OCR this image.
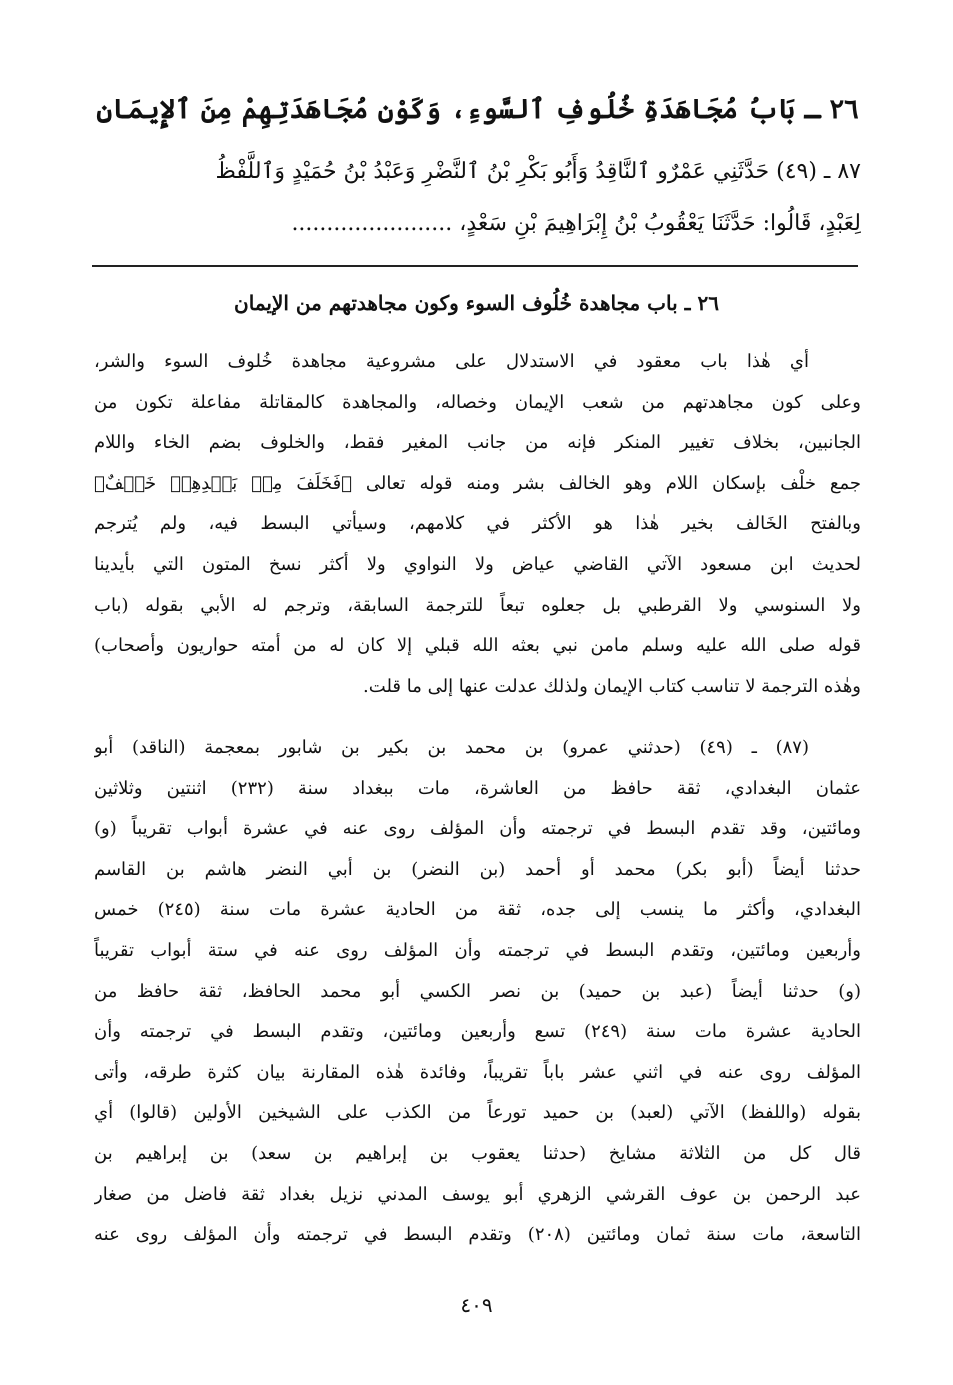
٢٦ ـ بَابُ مُجَاهَدَةِ خُلُوفِ ٱلسَّوءِ، وَكَوْنِ مُجَاهَدَتِهِمْ مِنَ ٱلإِيمَانِ
٨٧ ـ (٤٩) حَدَّثَنِي عَمْرٌو ٱلنَّاقِدُ وَأَبُو بَكْرِ بْنُ ٱلنَّضْرِ وَعَبْدُ بْنُ حُمَيْدٍ وَٱللَّفْظُ
لِعَبْدٍ، قَالُوا: حَدَّثَنَا يَعْقُوبُ بْنُ إِبْرَاهِيمَ بْنِ سَعْدٍ، .......................
٢٦ ـ باب مجاهدة خُلُوف السوء وكون مجاهدتهم من الإيمان
أي هٰذا باب معقود في الاستدلال على مشروعية مجاهدة خُلوف السوء والشر،
وعلى كون مجاهدتهم من شعب الإيمان وخصاله، والمجاهدة كالمقاتلة مفاعلة تكون من
الجانبين، بخلاف تغيير المنكر فإنه من جانب المغير فقط، والخلوف بضم الخاء واللام
جمع خلْف بإسكان اللام وهو الخالف بشر ومنه قوله تعالى ﴿فَخَلَفَ مِنۢ بَعۡدِهِمۡ خَلۡفٌ﴾
وبالفتح الخَالف بخير هٰذا هو الأكثر في كلامهم، وسيأتي البسط فيه، ولم يُترجم
لحديث ابن مسعود الآتي القاضي عياض ولا النواوي ولا أكثر نسخ المتون التي بأيدينا
ولا السنوسي ولا القرطبي بل جعلوه تبعاً للترجمة السابقة، وترجم له الأبي بقوله (باب
قوله صلى الله عليه وسلم مامن نبي بعثه الله قبلي إلا كان له من أمته حواريون وأصحاب)
وهٰذه الترجمة لا تناسب كتاب الإيمان ولذلك عدلت عنها إلى ما قلت.
(٨٧) ـ (٤٩) (حدثني عمرو) بن محمد بن بكير بن شابور بمعجمة (الناقد) أبو
عثمان البغدادي، ثقة حافظ من العاشرة، مات ببغداد سنة (٢٣٢) اثنتين وثلاثين
ومائتين، وقد تقدم البسط في ترجمته وأن المؤلف روى عنه في عشرة أبواب تقريباً (و)
حدثنا أيضاً (أبو بكر) محمد أو أحمد (بن النضر) بن أبي النضر هاشم بن القاسم
البغدادي، وأكثر ما ينسب إلى جده، ثقة من الحادية عشرة مات سنة (٢٤٥) خمس
وأربعين ومائتين، وتقدم البسط في ترجمته وأن المؤلف روى عنه في ستة أبواب تقريباً
(و) حدثنا أيضاً (عبد بن حميد) بن نصر الكسي أبو محمد الحافظ، ثقة حافظ من
الحادية عشرة مات سنة (٢٤٩) تسع وأربعين ومائتين، وتقدم البسط في ترجمته وأن
المؤلف روى عنه في اثني عشر باباً تقريباً، وفائدة هٰذه المقارنة بيان كثرة طرقه، وأتى
بقوله (واللفظ) الآتي (لعبد) بن حميد تورعاً من الكذب على الشيخين الأولين (قالوا) أي
قال كل من الثلاثة مشايخ (حدثنا يعقوب بن إبراهيم بن سعد) بن إبراهيم بن
عبد الرحمن بن عوف القرشي الزهري أبو يوسف المدني نزيل بغداد ثقة فاضل من صغار
التاسعة، مات سنة ثمان ومائتين (٢٠٨) وتقدم البسط في ترجمته وأن المؤلف روى عنه
٤٠٩
